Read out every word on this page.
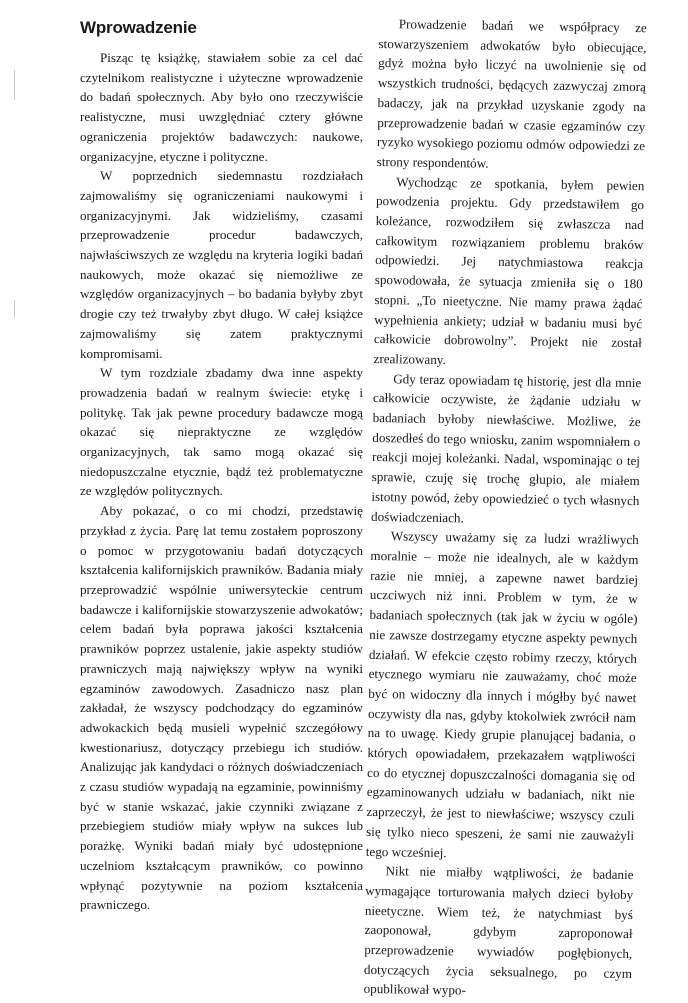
Wprowadzenie

Pisząc tę książkę, stawiałem sobie za cel dać czytelnikom realistyczne i użyteczne wprowadzenie do badań społecznych. Aby było ono rzeczywiście realistyczne, musi uwzględniać cztery główne ograniczenia projektów badawczych: naukowe, organizacyjne, etyczne i polityczne.

W poprzednich siedemnastu rozdziałach zajmowaliśmy się ograniczeniami naukowymi i organizacyjnymi. Jak widzieliśmy, czasami przeprowadzenie procedur badawczych, najwłaściwszych ze względu na kryteria logiki badań naukowych, może okazać się niemożliwe ze względów organizacyjnych – bo badania byłyby zbyt drogie czy też trwałyby zbyt długo. W całej książce zajmowaliśmy się zatem praktycznymi kompromisami.

W tym rozdziale zbadamy dwa inne aspekty prowadzenia badań w realnym świecie: etykę i politykę. Tak jak pewne procedury badawcze mogą okazać się niepraktyczne ze względów organizacyjnych, tak samo mogą okazać się niedopuszczalne etycznie, bądź też problematyczne ze względów politycznych.

Aby pokazać, o co mi chodzi, przedstawię przykład z życia. Parę lat temu zostałem poproszony o pomoc w przygotowaniu badań dotyczących kształcenia kalifornijskich prawników. Badania miały przeprowadzić wspólnie uniwersyteckie centrum badawcze i kalifornijskie stowarzyszenie adwokatów; celem badań była poprawa jakości kształcenia prawników poprzez ustalenie, jakie aspekty studiów prawniczych mają największy wpływ na wyniki egzaminów zawodowych. Zasadniczo nasz plan zakładał, że wszyscy podchodzący do egzaminów adwokackich będą musieli wypełnić szczegółowy kwestionariusz, dotyczący przebiegu ich studiów. Analizując jak kandydaci o różnych doświadczeniach z czasu studiów wypadają na egzaminie, powinniśmy być w stanie wskazać, jakie czynniki związane z przebiegiem studiów miały wpływ na sukces lub porażkę. Wyniki badań miały być udostępnione uczelniom kształcącym prawników, co powinno wpłynąć pozytywnie na poziom kształcenia prawniczego.

Prowadzenie badań we współpracy ze stowarzyszeniem adwokatów było obiecujące, gdyż można było liczyć na uwolnienie się od wszystkich trudności, będących zazwyczaj zmorą badaczy, jak na przykład uzyskanie zgody na przeprowadzenie badań w czasie egzaminów czy ryzyko wysokiego poziomu odmów odpowiedzi ze strony respondentów.

Wychodząc ze spotkania, byłem pewien powodzenia projektu. Gdy przedstawiłem go koleżance, rozwodziłem się zwłaszcza nad całkowitym rozwiązaniem problemu braków odpowiedzi. Jej natychmiastowa reakcja spowodowała, że sytuacja zmieniła się o 180 stopni. „To nieetyczne. Nie mamy prawa żądać wypełnienia ankiety; udział w badaniu musi być całkowicie dobrowolny”. Projekt nie został zrealizowany.

Gdy teraz opowiadam tę historię, jest dla mnie całkowicie oczywiste, że żądanie udziału w badaniach byłoby niewłaściwe. Możliwe, że doszedłeś do tego wniosku, zanim wspomniałem o reakcji mojej koleżanki. Nadal, wspominając o tej sprawie, czuję się trochę głupio, ale miałem istotny powód, żeby opowiedzieć o tych własnych doświadczeniach.

Wszyscy uważamy się za ludzi wrażliwych moralnie – może nie idealnych, ale w każdym razie nie mniej, a zapewne nawet bardziej uczciwych niż inni. Problem w tym, że w badaniach społecznych (tak jak w życiu w ogóle) nie zawsze dostrzegamy etyczne aspekty pewnych działań. W efekcie często robimy rzeczy, których etycznego wymiaru nie zauważamy, choć może być on widoczny dla innych i mógłby być nawet oczywisty dla nas, gdyby ktokolwiek zwrócił nam na to uwagę. Kiedy grupie planującej badania, o których opowiadałem, przekazałem wątpliwości co do etycznej dopuszczalności domagania się od egzaminowanych udziału w badaniach, nikt nie zaprzeczył, że jest to niewłaściwe; wszyscy czuli się tylko nieco speszeni, że sami nie zauważyli tego wcześniej.

Nikt nie miałby wątpliwości, że badanie wymagające torturowania małych dzieci byłoby nieetyczne. Wiem też, że natychmiast byś zaoponował, gdybym zaproponował przeprowadzenie wywiadów pogłębionych, dotyczących życia seksualnego, po czym opublikował wypo-
